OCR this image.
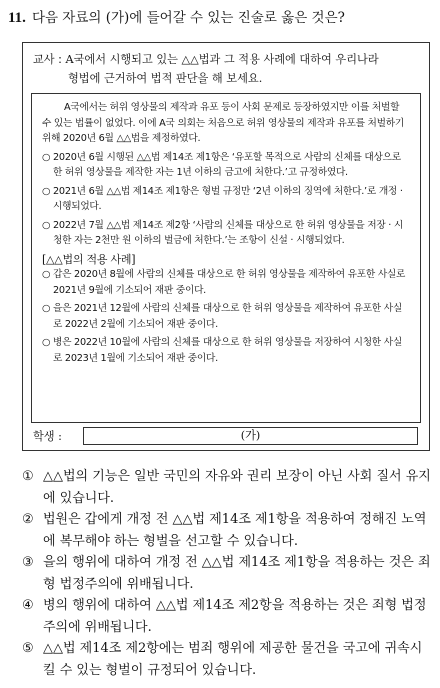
11. 다음 자료의 (가)에 들어갈 수 있는 진술로 옳은 것은?
교사 : A국에서 시행되고 있는 △△법과 그 적용 사례에 대하여 우리나라
형법에 근거하여 법적 판단을 해 보세요.
A국에서는 허위 영상물의 제작과 유포 등이 사회 문제로 등장하였지만 이를 처벌할 수 있는 법률이 없었다. 이에 A국 의회는 처음으로 허위 영상물의 제작과 유포를 처벌하기 위해 2020년 6월 △△법을 제정하였다.
○ 2020년 6월 시행된 △△법 제14조 제1항은 ‘유포할 목적으로 사람의 신체를 대상으로 한 허위 영상물을 제작한 자는 1년 이하의 금고에 처한다.’고 규정하였다.
○ 2021년 6월 △△법 제14조 제1항은 형벌 규정만 ‘2년 이하의 징역에 처한다.’로 개정 · 시행되었다.
○ 2022년 7월 △△법 제14조 제2항 ‘사람의 신체를 대상으로 한 허위 영상물을 저장 · 시청한 자는 2천만 원 이하의 벌금에 처한다.’는 조항이 신설 · 시행되었다.
[△△법의 적용 사례]
○ 갑은 2020년 8월에 사람의 신체를 대상으로 한 허위 영상물을 제작하여 유포한 사실로 2021년 9월에 기소되어 재판 중이다.
○ 을은 2021년 12월에 사람의 신체를 대상으로 한 허위 영상물을 제작하여 유포한 사실로 2022년 2월에 기소되어 재판 중이다.
○ 병은 2022년 10월에 사람의 신체를 대상으로 한 허위 영상물을 저장하여 시청한 사실로 2023년 1월에 기소되어 재판 중이다.
학생 :	(가)
① △△법의 기능은 일반 국민의 자유와 권리 보장이 아닌 사회 질서 유지에 있습니다.
② 법원은 갑에게 개정 전 △△법 제14조 제1항을 적용하여 정해진 노역에 복무해야 하는 형벌을 선고할 수 있습니다.
③ 을의 행위에 대하여 개정 전 △△법 제14조 제1항을 적용하는 것은 죄형 법정주의에 위배됩니다.
④ 병의 행위에 대하여 △△법 제14조 제2항을 적용하는 것은 죄형 법정주의에 위배됩니다.
⑤ △△법 제14조 제2항에는 범죄 행위에 제공한 물건을 국고에 귀속시킬 수 있는 형벌이 규정되어 있습니다.
